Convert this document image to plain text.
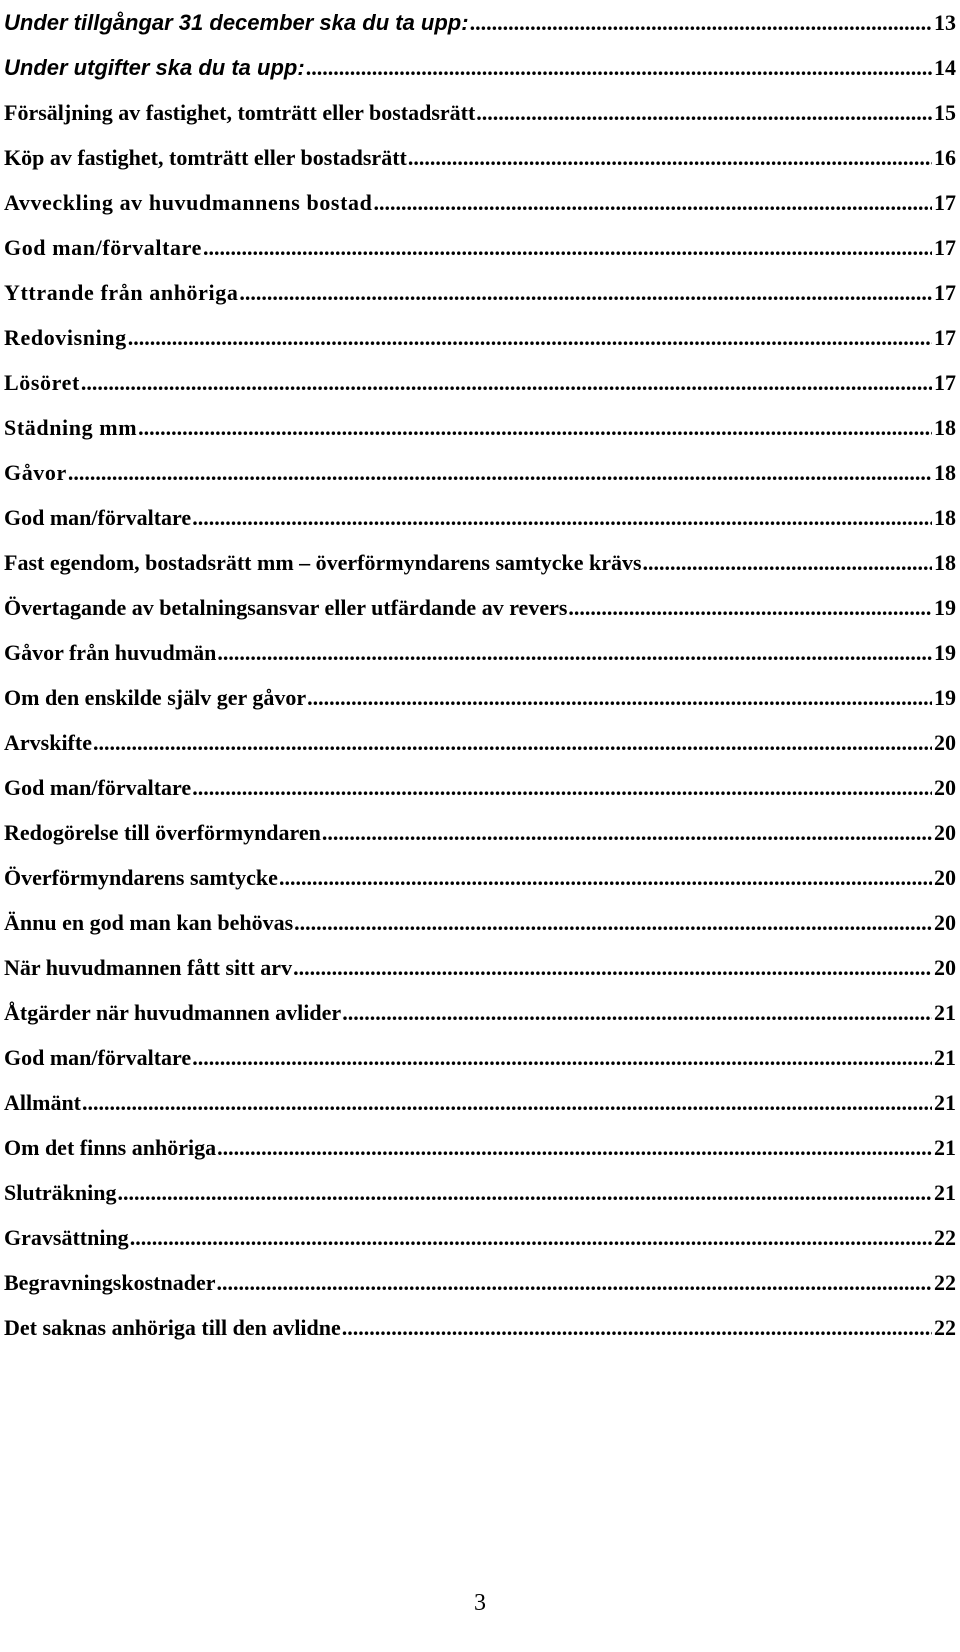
Under tillgångar 31 december ska du ta upp: .....	13
Under utgifter ska du ta upp: .....	14
Försäljning av fastighet, tomträtt eller bostadsrätt .....	15
Köp av fastighet, tomträtt eller bostadsrätt .....	16
Avveckling av huvudmannens bostad .....	17
God man/förvaltare .....	17
Yttrande från anhöriga .....	17
Redovisning .....	17
Lösöret .....	17
Städning mm .....	18
Gåvor .....	18
God man/förvaltare .....	18
Fast egendom, bostadsrätt mm – överförmyndarens samtycke krävs .....	18
Övertagande av betalningsansvar eller utfärdande av revers .....	19
Gåvor från huvudmän .....	19
Om den enskilde själv ger gåvor .....	19
Arvskifte .....	20
God man/förvaltare .....	20
Redogörelse till överförmyndaren .....	20
Överförmyndarens samtycke .....	20
Ännu en god man kan behövas .....	20
När huvudmannen fått sitt arv .....	20
Åtgärder när huvudmannen avlider .....	21
God man/förvaltare .....	21
Allmänt .....	21
Om det finns anhöriga .....	21
Sluträkning .....	21
Gravsättning .....	22
Begravningskostnader .....	22
Det saknas anhöriga till den avlidne .....	22
3
